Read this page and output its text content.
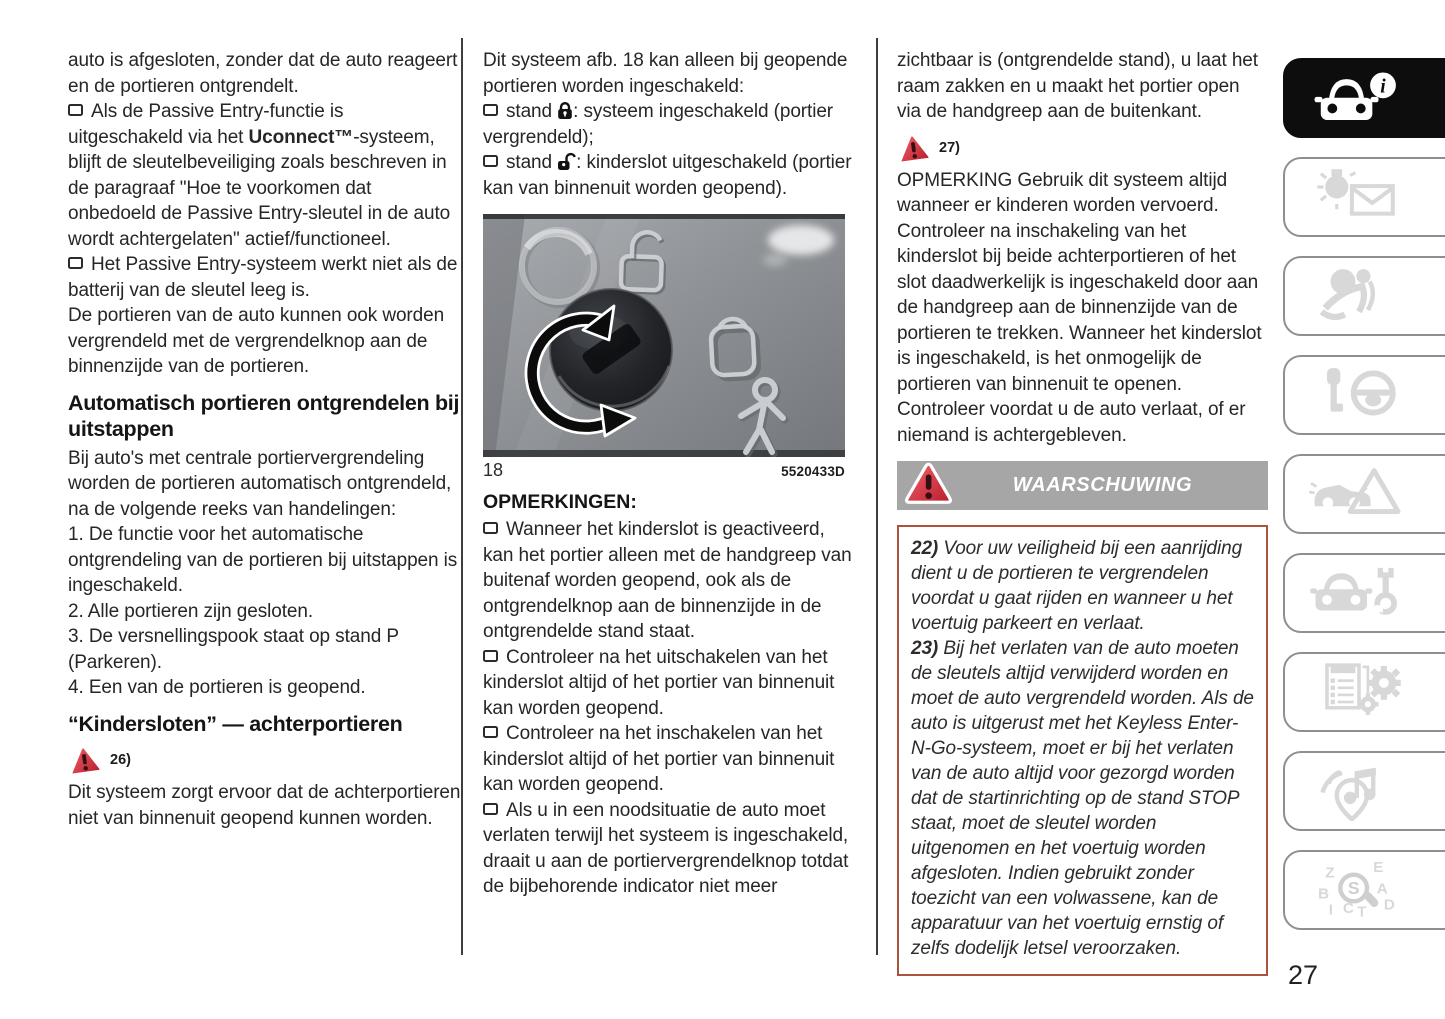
auto is afgesloten, zonder dat de auto reageert en de portieren ontgrendelt.

Als de Passive Entry-functie is uitgeschakeld via het Uconnect™-systeem, blijft de sleutelbeveiliging zoals beschreven in de paragraaf "Hoe te voorkomen dat onbedoeld de Passive Entry-sleutel in de auto wordt achtergelaten" actief/functioneel.

Het Passive Entry-systeem werkt niet als de batterij van de sleutel leeg is.

De portieren van de auto kunnen ook worden vergrendeld met de vergrendelknop aan de binnenzijde van de portieren.

Automatisch portieren ontgrendelen bij uitstappen

Bij auto's met centrale portiervergrendeling worden de portieren automatisch ontgrendeld, na de volgende reeks van handelingen:

1. De functie voor het automatische ontgrendeling van de portieren bij uitstappen is ingeschakeld.

2. Alle portieren zijn gesloten.

3. De versnellingspook staat op stand P (Parkeren).

4. Een van de portieren is geopend.

“Kindersloten” — achterportieren
26)

Dit systeem zorgt ervoor dat de achterportieren niet van binnenuit geopend kunnen worden.

Dit systeem afb. 18 kan alleen bij geopende portieren worden ingeschakeld:

stand : systeem ingeschakeld (portier vergrendeld);

stand : kinderslot uitgeschakeld (portier kan van binnenuit worden geopend).

18	5520433D
OPMERKINGEN:

Wanneer het kinderslot is geactiveerd, kan het portier alleen met de handgreep van buitenaf worden geopend, ook als de ontgrendelknop aan de binnenzijde in de ontgrendelde stand staat.

Controleer na het uitschakelen van het kinderslot altijd of het portier van binnenuit kan worden geopend.

Controleer na het inschakelen van het kinderslot altijd of het portier van binnenuit kan worden geopend.

Als u in een noodsituatie de auto moet verlaten terwijl het systeem is ingeschakeld, draait u aan de portiervergrendelknop totdat de bijbehorende indicator niet meer

zichtbaar is (ontgrendelde stand), u laat het raam zakken en u maakt het portier open via de handgreep aan de buitenkant.

27)

OPMERKING Gebruik dit systeem altijd wanneer er kinderen worden vervoerd. Controleer na inschakeling van het kinderslot bij beide achterportieren of het slot daadwerkelijk is ingeschakeld door aan de handgreep aan de binnenzijde van de portieren te trekken. Wanneer het kinderslot is ingeschakeld, is het onmogelijk de portieren van binnenuit te openen. Controleer voordat u de auto verlaat, of er niemand is achtergebleven.

WAARSCHUWING

22) Voor uw veiligheid bij een aanrijding dient u de portieren te vergrendelen voordat u gaat rijden en wanneer u het voertuig parkeert en verlaat.

23) Bij het verlaten van de auto moeten de sleutels altijd verwijderd worden en moet de auto vergrendeld worden. Als de auto is uitgerust met het Keyless Enter-N-Go-systeem, moet er bij het verlaten van de auto altijd voor gezorgd worden dat de startinrichting op de stand STOP staat, moet de sleutel worden uitgenomen en het voertuig worden afgesloten. Indien gebruikt zonder toezicht van een volwassene, kan de apparatuur van het voertuig ernstig of zelfs dodelijk letsel veroorzaken.

i
Z E
B	A
I C T D
S
27
